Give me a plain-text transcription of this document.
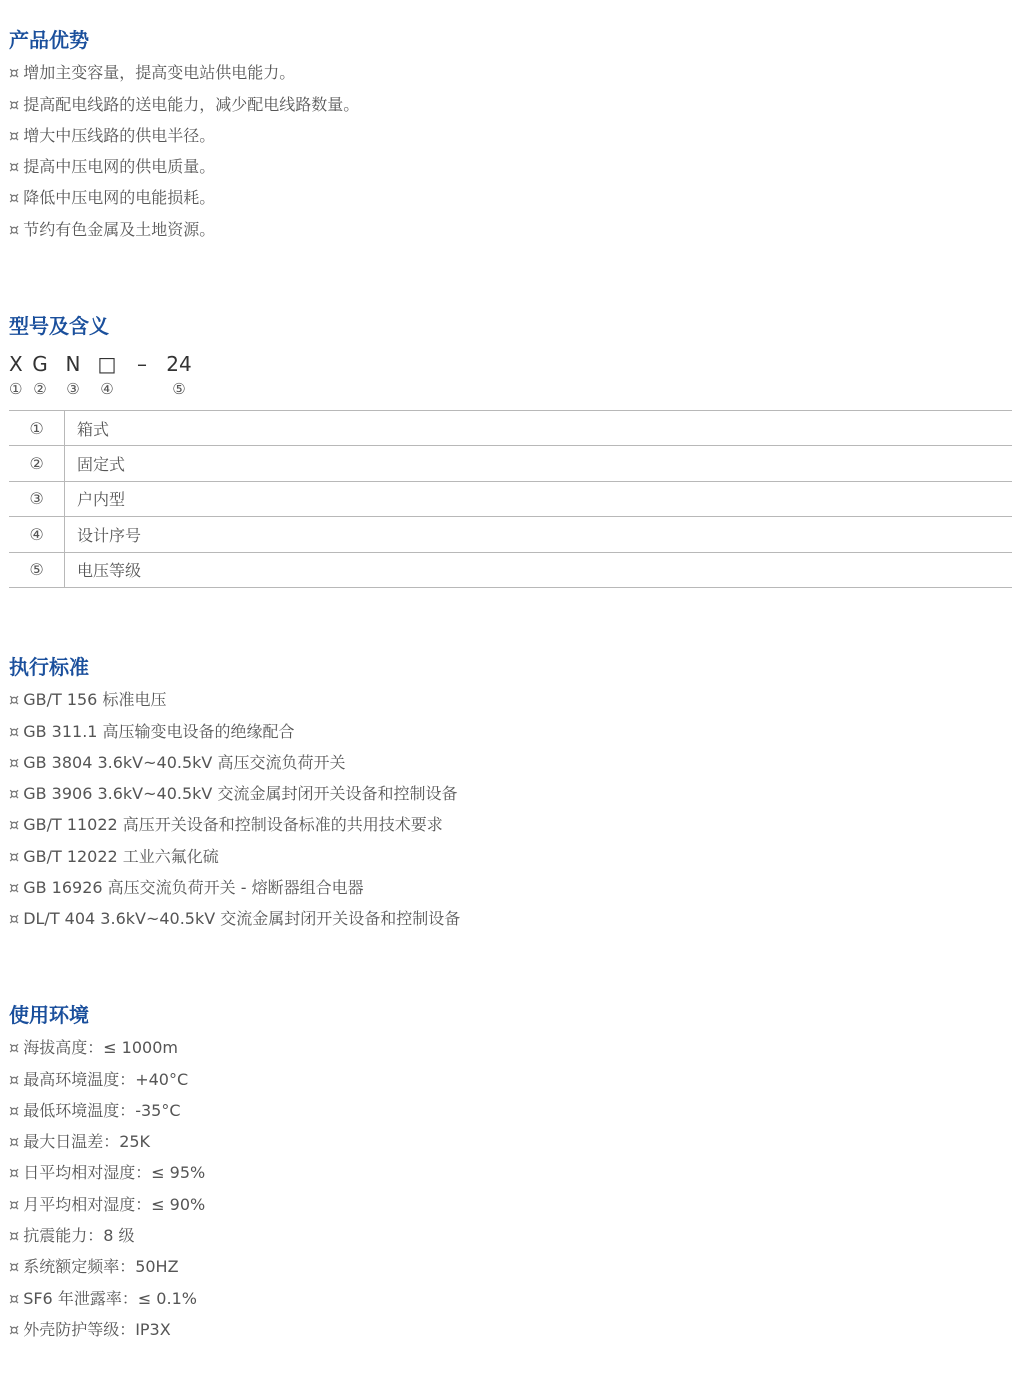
产品优势
¤ 增加主变容量，提高变电站供电能力。
¤ 提高配电线路的送电能力，减少配电线路数量。
¤ 增大中压线路的供电半径。
¤ 提高中压电网的供电质量。
¤ 降低中压电网的电能损耗。
¤ 节约有色金属及土地资源。
型号及含义
X G N □	– 24
① ②	③	④	⑤
①	箱式
②	固定式
③	户内型
④	设计序号
⑤	电压等级
执行标准
¤ GB/T 156 标准电压
¤ GB 311.1 高压输变电设备的绝缘配合
¤ GB 3804 3.6kV~40.5kV 高压交流负荷开关
¤ GB 3906 3.6kV~40.5kV 交流金属封闭开关设备和控制设备
¤ GB/T 11022 高压开关设备和控制设备标准的共用技术要求
¤ GB/T 12022 工业六氟化硫
¤ GB 16926 高压交流负荷开关 - 熔断器组合电器
¤ DL/T 404 3.6kV~40.5kV 交流金属封闭开关设备和控制设备
使用环境
¤ 海拔高度：≤ 1000m
¤ 最高环境温度：+40°C
¤ 最低环境温度：-35°C
¤ 最大日温差：25K
¤ 日平均相对湿度：≤ 95%
¤ 月平均相对湿度：≤ 90%
¤ 抗震能力：8 级
¤ 系统额定频率：50HZ
¤ SF6 年泄露率：≤ 0.1%
¤ 外壳防护等级：IP3X
